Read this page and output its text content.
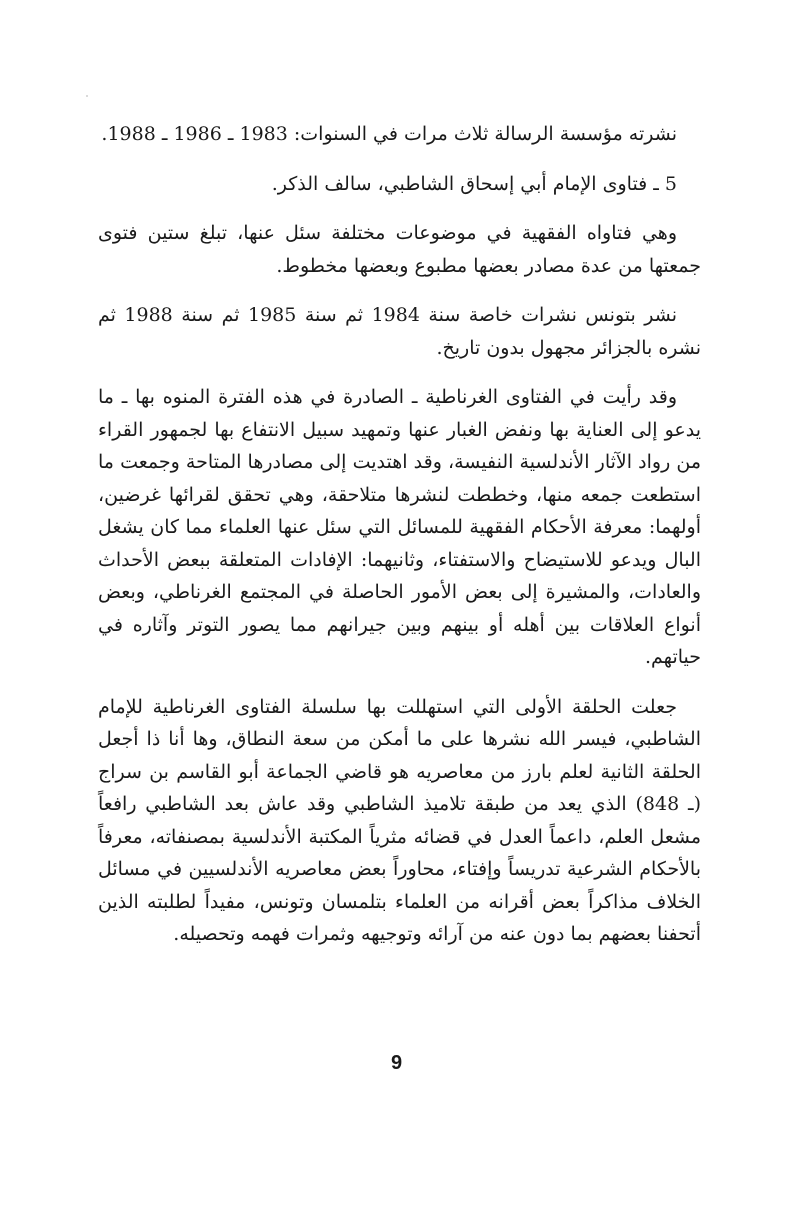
نشرته مؤسسة الرسالة ثلاث مرات في السنوات: 1983 ـ 1986 ـ 1988.

5 ـ فتاوى الإمام أبي إسحاق الشاطبي، سالف الذكر.

وهي فتاواه الفقهية في موضوعات مختلفة سئل عنها، تبلغ ستين فتوى جمعتها من عدة مصادر بعضها مطبوع وبعضها مخطوط.

نشر بتونس نشرات خاصة سنة 1984 ثم سنة 1985 ثم سنة 1988 ثم نشره بالجزائر مجهول بدون تاريخ.

وقد رأيت في الفتاوى الغرناطية ـ الصادرة في هذه الفترة المنوه بها ـ ما يدعو إلى العناية بها ونفض الغبار عنها وتمهيد سبيل الانتفاع بها لجمهور القراء من رواد الآثار الأندلسية النفيسة، وقد اهتديت إلى مصادرها المتاحة وجمعت ما استطعت جمعه منها، وخططت لنشرها متلاحقة، وهي تحقق لقرائها غرضين، أولهما: معرفة الأحكام الفقهية للمسائل التي سئل عنها العلماء مما كان يشغل البال ويدعو للاستيضاح والاستفتاء، وثانيهما: الإفادات المتعلقة ببعض الأحداث والعادات، والمشيرة إلى بعض الأمور الحاصلة في المجتمع الغرناطي، وبعض أنواع العلاقات بين أهله أو بينهم وبين جيرانهم مما يصور التوتر وآثاره في حياتهم.

جعلت الحلقة الأولى التي استهللت بها سلسلة الفتاوى الغرناطية للإمام الشاطبي، فيسر الله نشرها على ما أمكن من سعة النطاق، وها أنا ذا أجعل الحلقة الثانية لعلم بارز من معاصريه هو قاضي الجماعة أبو القاسم بن سراج (ـ 848) الذي يعد من طبقة تلاميذ الشاطبي وقد عاش بعد الشاطبي رافعاً مشعل العلم، داعماً العدل في قضائه مثرياً المكتبة الأندلسية بمصنفاته، معرفاً بالأحكام الشرعية تدريساً وإفتاء، محاوراً بعض معاصريه الأندلسيين في مسائل الخلاف مذاكراً بعض أقرانه من العلماء بتلمسان وتونس، مفيداً لطلبته الذين أتحفنا بعضهم بما دون عنه من آرائه وتوجيهه وثمرات فهمه وتحصيله.

9
